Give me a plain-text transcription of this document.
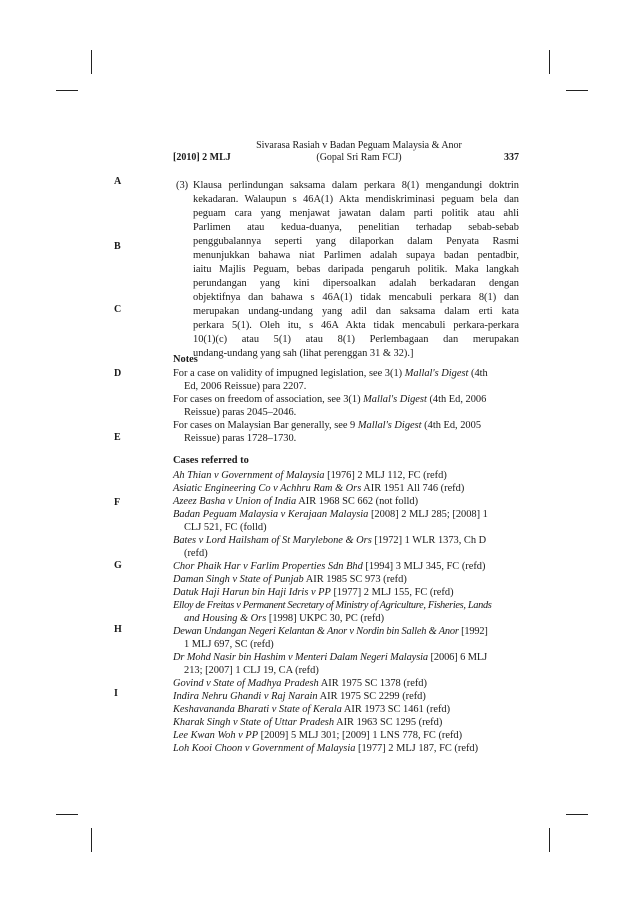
[2010] 2 MLJ
Sivarasa Rasiah v Badan Peguam Malaysia & Anor
(Gopal Sri Ram FCJ)	337
A
B
C
D
E
F
G
H
I
(3) Klausa perlindungan saksama dalam perkara 8(1) mengandungi doktrin
kekadaran. Walaupun s 46A(1) Akta mendiskriminasi peguam bela dan
peguam cara yang menjawat jawatan dalam parti politik atau ahli
Parlimen atau kedua-duanya, penelitian terhadap sebab-sebab
penggubalannya seperti yang dilaporkan dalam Penyata Rasmi
menunjukkan bahawa niat Parlimen adalah supaya badan pentadbir,
iaitu Majlis Peguam, bebas daripada pengaruh politik. Maka langkah
perundangan yang kini dipersoalkan adalah berkadaran dengan
objektifnya dan bahawa s 46A(1) tidak mencabuli perkara 8(1) dan
merupakan undang-undang yang adil dan saksama dalam erti kata
perkara 5(1). Oleh itu, s 46A Akta tidak mencabuli perkara-perkara
10(1)(c) atau 5(1) atau 8(1) Perlembagaan dan merupakan
undang-undang yang sah (lihat perenggan 31 & 32).]
Notes
For a case on validity of impugned legislation, see 3(1) Mallal's Digest (4th
Ed, 2006 Reissue) para 2207.
For cases on freedom of association, see 3(1) Mallal's Digest (4th Ed, 2006
Reissue) paras 2045–2046.
For cases on Malaysian Bar generally, see 9 Mallal's Digest (4th Ed, 2005
Reissue) paras 1728–1730.
Cases referred to
Ah Thian v Government of Malaysia [1976] 2 MLJ 112, FC (refd)
Asiatic Engineering Co v Achhru Ram & Ors AIR 1951 All 746 (refd)
Azeez Basha v Union of India AIR 1968 SC 662 (not folld)
Badan Peguam Malaysia v Kerajaan Malaysia [2008] 2 MLJ 285; [2008] 1
CLJ 521, FC (folld)
Bates v Lord Hailsham of St Marylebone & Ors [1972] 1 WLR 1373, Ch D
(refd)
Chor Phaik Har v Farlim Properties Sdn Bhd [1994] 3 MLJ 345, FC (refd)
Daman Singh v State of Punjab AIR 1985 SC 973 (refd)
Datuk Haji Harun bin Haji Idris v PP [1977] 2 MLJ 155, FC (refd)
Elloy de Freitas v Permanent Secretary of Ministry of Agriculture, Fisheries, Lands
and Housing & Ors [1998] UKPC 30, PC (refd)
Dewan Undangan Negeri Kelantan & Anor v Nordin bin Salleh & Anor [1992]
1 MLJ 697, SC (refd)
Dr Mohd Nasir bin Hashim v Menteri Dalam Negeri Malaysia [2006] 6 MLJ
213; [2007] 1 CLJ 19, CA (refd)
Govind v State of Madhya Pradesh AIR 1975 SC 1378 (refd)
Indira Nehru Ghandi v Raj Narain AIR 1975 SC 2299 (refd)
Keshavananda Bharati v State of Kerala AIR 1973 SC 1461 (refd)
Kharak Singh v State of Uttar Pradesh AIR 1963 SC 1295 (refd)
Lee Kwan Woh v PP [2009] 5 MLJ 301; [2009] 1 LNS 778, FC (refd)
Loh Kooi Choon v Government of Malaysia [1977] 2 MLJ 187, FC (refd)
